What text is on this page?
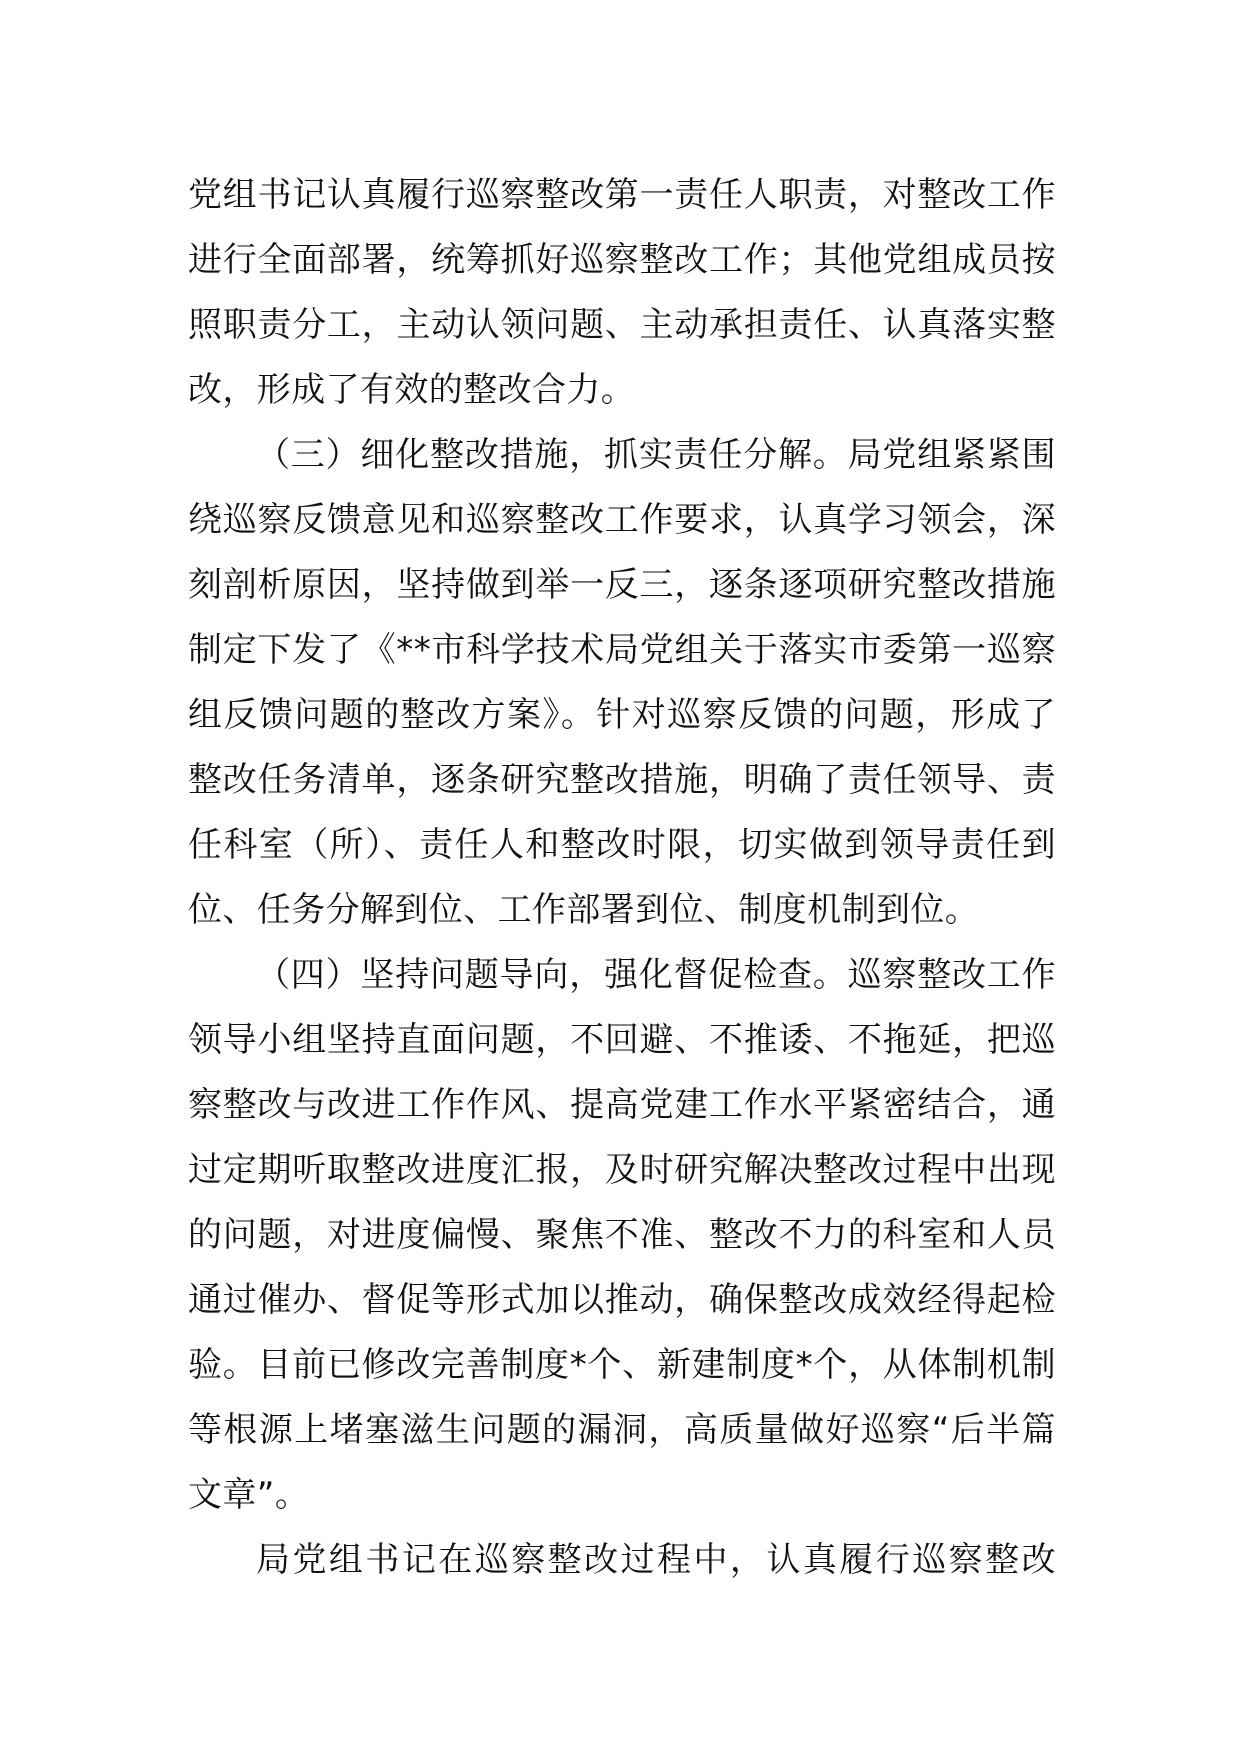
党组书记认真履行巡察整改第一责任人职责，对整改工作
进行全面部署，统筹抓好巡察整改工作；其他党组成员按
照职责分工，主动认领问题、主动承担责任、认真落实整
改，形成了有效的整改合力。
（三）细化整改措施，抓实责任分解。局党组紧紧围
绕巡察反馈意见和巡察整改工作要求，认真学习领会，深
刻剖析原因，坚持做到举一反三，逐条逐项研究整改措施
制定下发了《**市科学技术局党组关于落实市委第一巡察
组反馈问题的整改方案》。针对巡察反馈的问题，形成了
整改任务清单，逐条研究整改措施，明确了责任领导、责
任科室（所）、责任人和整改时限，切实做到领导责任到
位、任务分解到位、工作部署到位、制度机制到位。
（四）坚持问题导向，强化督促检查。巡察整改工作
领导小组坚持直面问题，不回避、不推诿、不拖延，把巡
察整改与改进工作作风、提高党建工作水平紧密结合，通
过定期听取整改进度汇报，及时研究解决整改过程中出现
的问题，对进度偏慢、聚焦不准、整改不力的科室和人员
通过催办、督促等形式加以推动，确保整改成效经得起检
验。目前已修改完善制度*个、新建制度*个，从体制机制
等根源上堵塞滋生问题的漏洞，高质量做好巡察“后半篇
文章”。
局党组书记在巡察整改过程中，认真履行巡察整改
